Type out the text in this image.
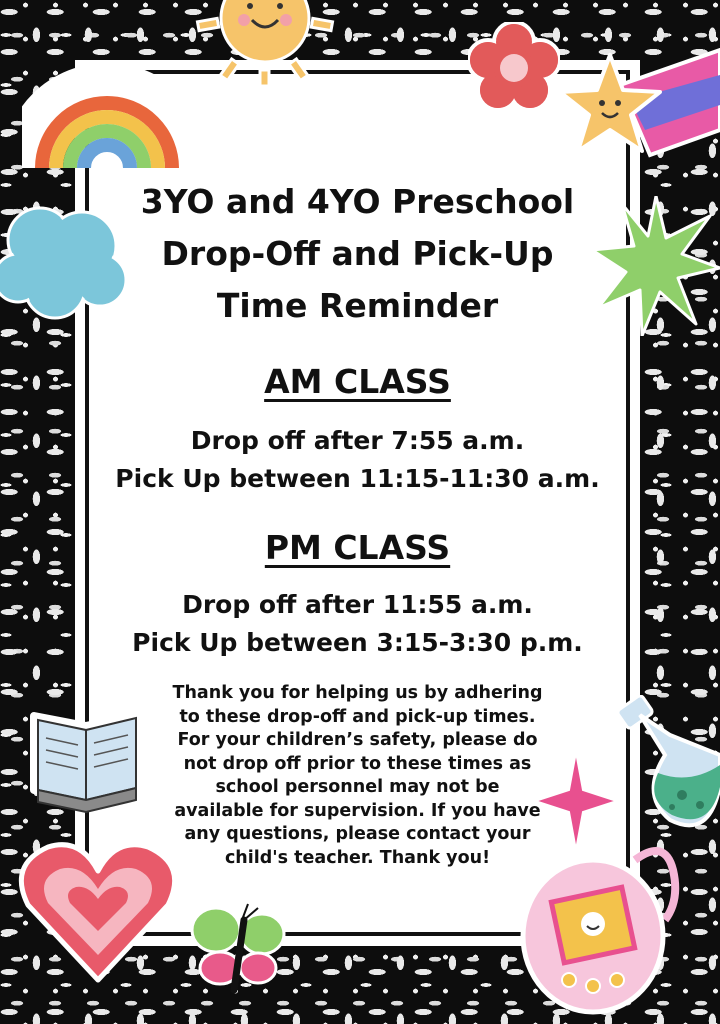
3YO and 4YO Preschool
Drop-Off and Pick-Up
Time Reminder
AM CLASS
Drop off after 7:55 a.m.
Pick Up between 11:15-11:30 a.m.
PM CLASS
Drop off after 11:55 a.m.
Pick Up between 3:15-3:30 p.m.
Thank you for helping us by adhering
to these drop-off and pick-up times.
For your children’s safety, please do
not drop off prior to these times as
school personnel may not be
available for supervision. If you have
any questions, please contact your
child's teacher. Thank you!
